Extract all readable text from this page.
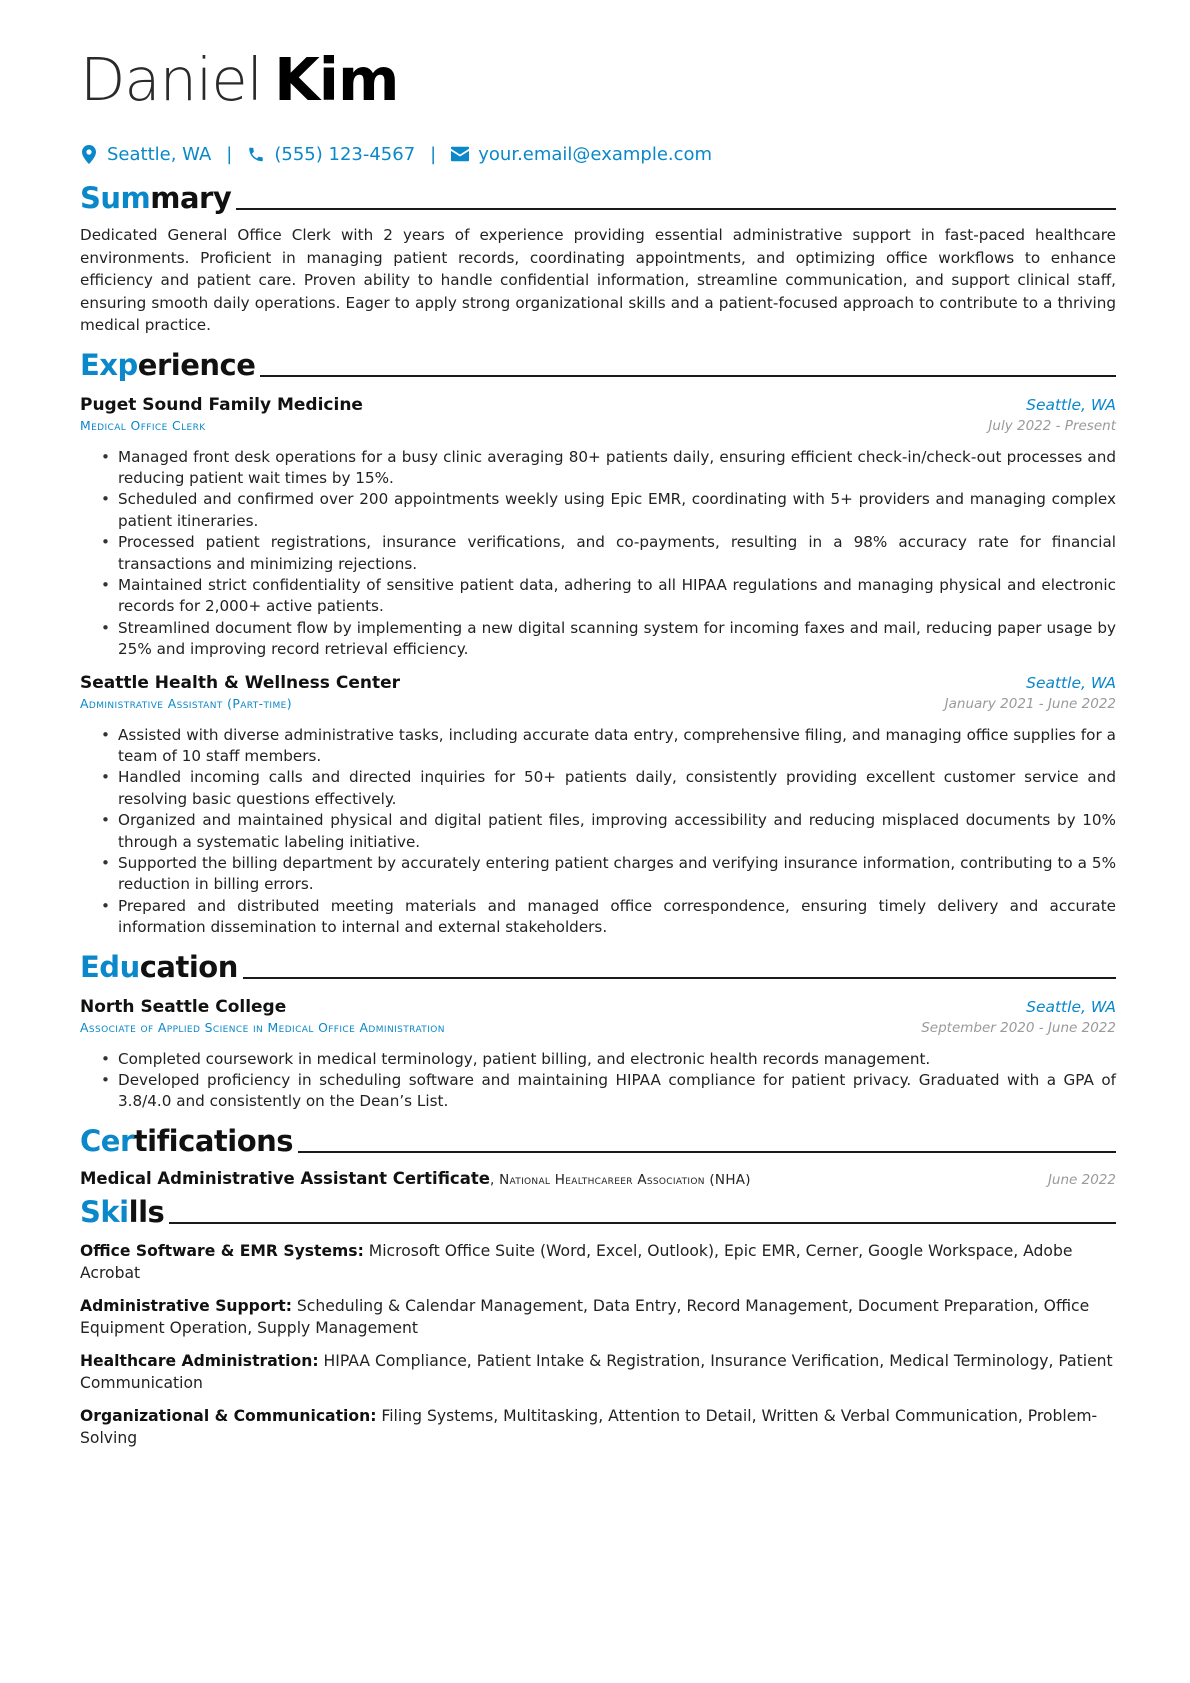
Daniel Kim
Seattle, WA | (555) 123-4567 | your.email@example.com
Summary
Dedicated General Office Clerk with 2 years of experience providing essential administrative support in fast-paced healthcare environments. Proficient in managing patient records, coordinating appointments, and optimizing office workflows to enhance efficiency and patient care. Proven ability to handle confidential information, streamline communication, and support clinical staff, ensuring smooth daily operations. Eager to apply strong organizational skills and a patient-focused approach to contribute to a thriving medical practice.
Experience
Puget Sound Family Medicine	Seattle, WA
Medical Office Clerk	July 2022 - Present
• Managed front desk operations for a busy clinic averaging 80+ patients daily, ensuring efficient check-in/check-out processes and reducing patient wait times by 15%.
• Scheduled and confirmed over 200 appointments weekly using Epic EMR, coordinating with 5+ providers and managing complex patient itineraries.
• Processed patient registrations, insurance verifications, and co-payments, resulting in a 98% accuracy rate for financial transactions and minimizing rejections.
• Maintained strict confidentiality of sensitive patient data, adhering to all HIPAA regulations and managing physical and electronic records for 2,000+ active patients.
• Streamlined document flow by implementing a new digital scanning system for incoming faxes and mail, reducing paper usage by 25% and improving record retrieval efficiency.
Seattle Health & Wellness Center	Seattle, WA
Administrative Assistant (Part-time)	January 2021 - June 2022
• Assisted with diverse administrative tasks, including accurate data entry, comprehensive filing, and managing office supplies for a team of 10 staff members.
• Handled incoming calls and directed inquiries for 50+ patients daily, consistently providing excellent customer service and resolving basic questions effectively.
• Organized and maintained physical and digital patient files, improving accessibility and reducing misplaced documents by 10% through a systematic labeling initiative.
• Supported the billing department by accurately entering patient charges and verifying insurance information, contributing to a 5% reduction in billing errors.
• Prepared and distributed meeting materials and managed office correspondence, ensuring timely delivery and accurate information dissemination to internal and external stakeholders.
Education
North Seattle College	Seattle, WA
Associate of Applied Science in Medical Office Administration	September 2020 - June 2022
• Completed coursework in medical terminology, patient billing, and electronic health records management.
• Developed proficiency in scheduling software and maintaining HIPAA compliance for patient privacy. Graduated with a GPA of 3.8/4.0 and consistently on the Dean’s List.
Certifications
Medical Administrative Assistant Certificate, National Healthcareer Association (NHA)	June 2022
Skills
Office Software & EMR Systems: Microsoft Office Suite (Word, Excel, Outlook), Epic EMR, Cerner, Google Workspace, Adobe Acrobat
Administrative Support: Scheduling & Calendar Management, Data Entry, Record Management, Document Preparation, Office Equipment Operation, Supply Management
Healthcare Administration: HIPAA Compliance, Patient Intake & Registration, Insurance Verification, Medical Terminology, Patient Communication
Organizational & Communication: Filing Systems, Multitasking, Attention to Detail, Written & Verbal Communication, Problem-Solving
